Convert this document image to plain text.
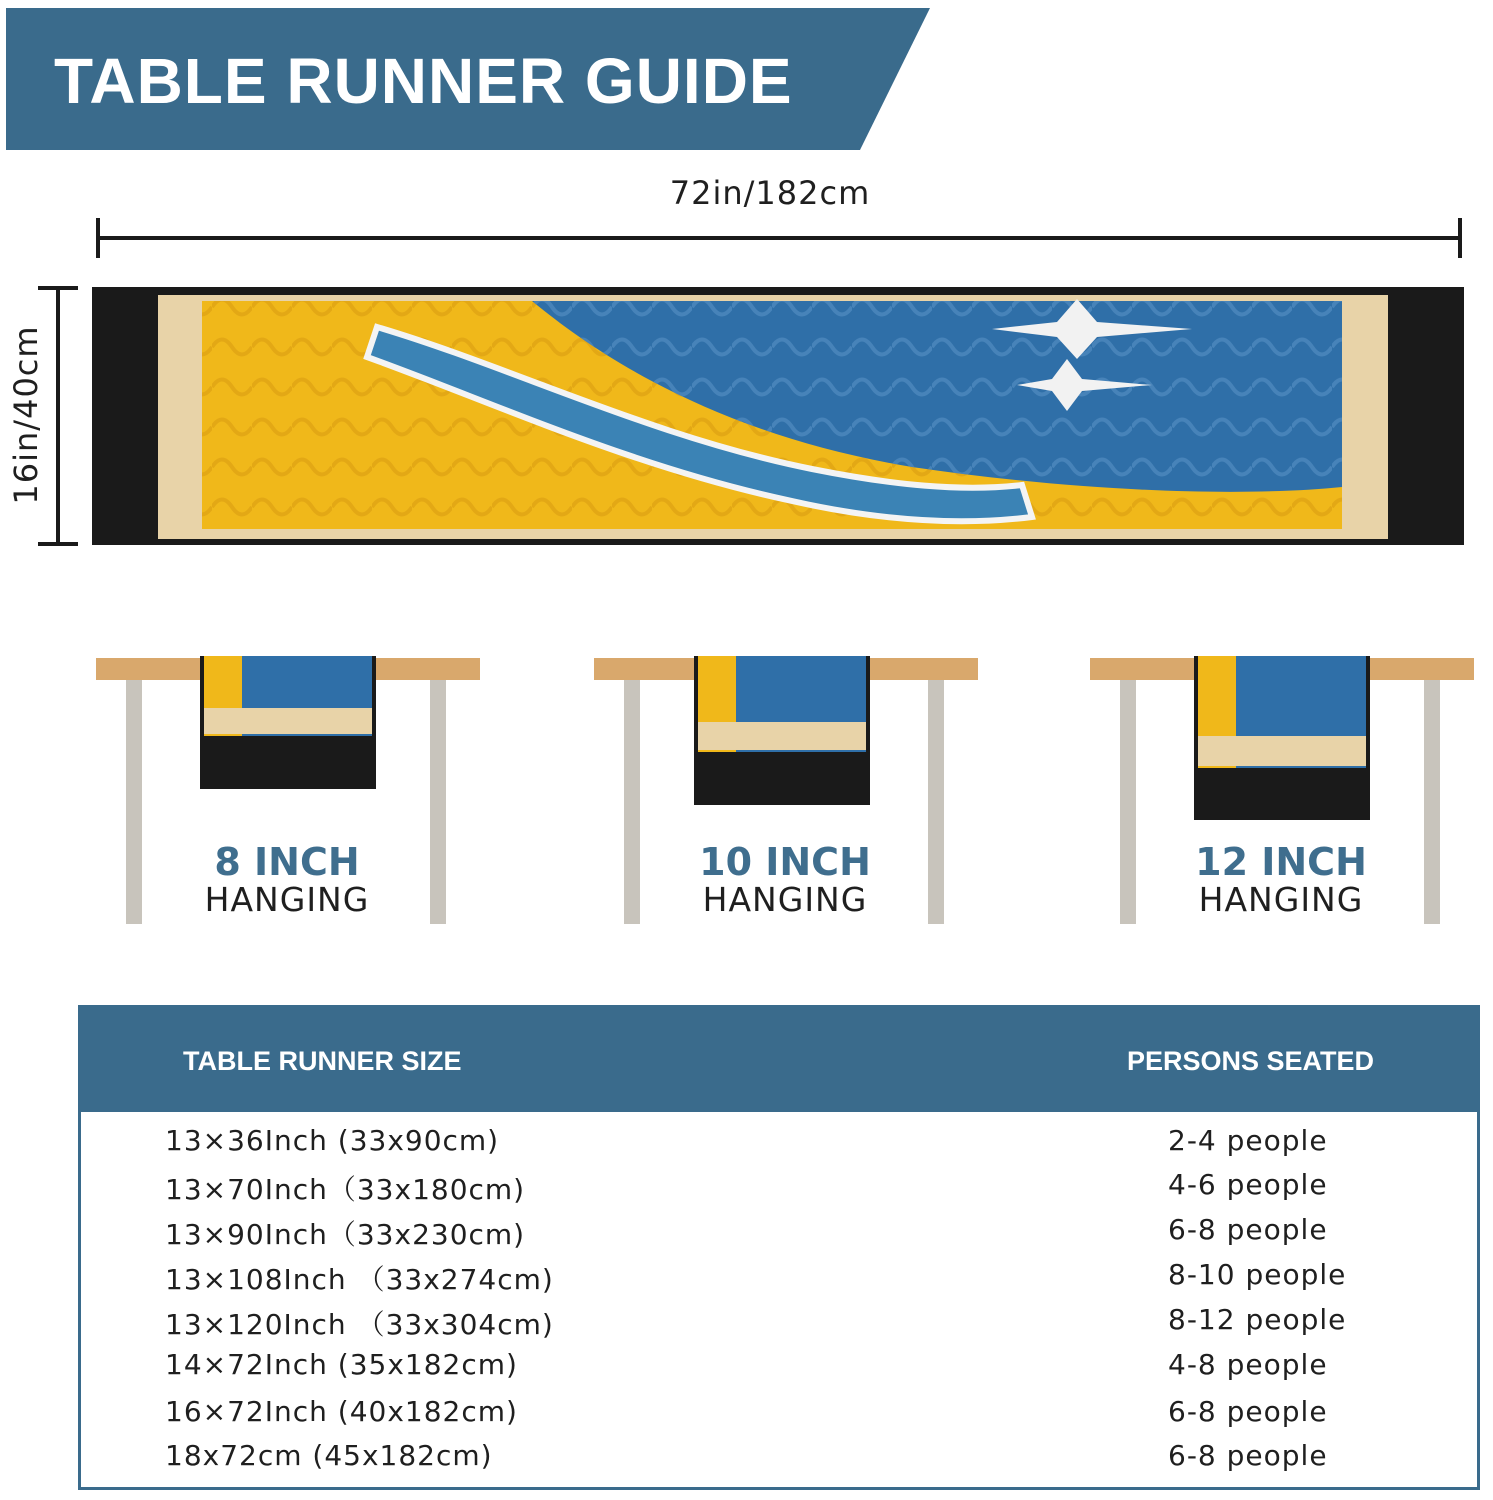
TABLE RUNNER GUIDE
72in/182cm
16in/40cm
8 INCH
HANGING
10 INCH
HANGING
12 INCH
HANGING
TABLE RUNNER SIZE	PERSONS SEATED
13×36Inch (33x90cm)	2-4 people
13×70Inch（33x180cm)	4-6 people
13×90Inch（33x230cm)	6-8 people
13×108Inch （33x274cm)	8-10 people
13×120Inch （33x304cm)	8-12 people
14×72Inch (35x182cm)	4-8 people
16×72Inch (40x182cm)	6-8 people
18x72cm (45x182cm)	6-8 people
